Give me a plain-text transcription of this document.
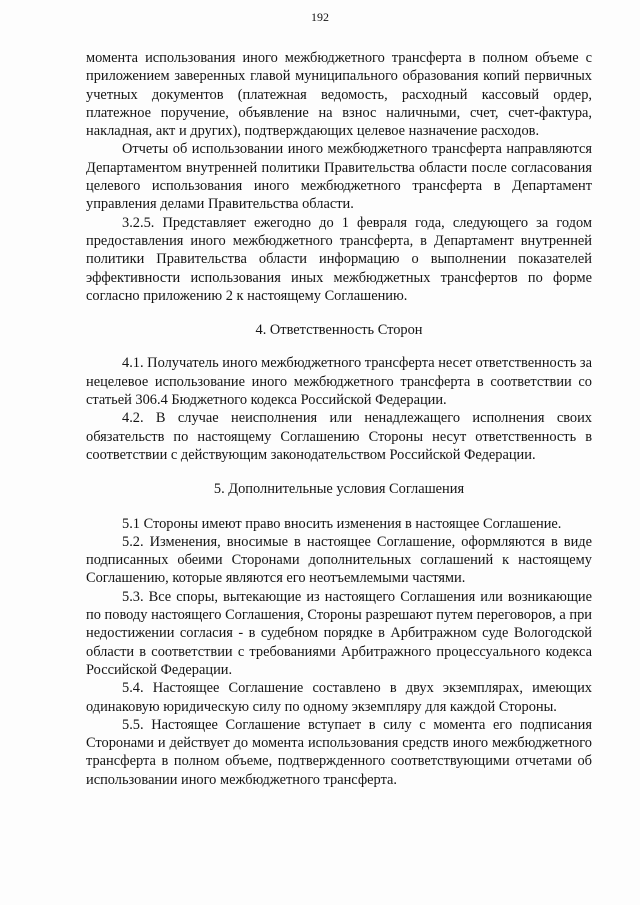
192

момента использования иного межбюджетного трансферта в полном объеме с приложением заверенных главой муниципального образования копий первичных учетных документов (платежная ведомость, расходный кассовый ордер, платежное поручение, объявление на взнос наличными, счет, счет-фактура, накладная, акт и других), подтверждающих целевое назначение расходов.

Отчеты об использовании иного межбюджетного трансферта направляются Департаментом внутренней политики Правительства области после согласования целевого использования иного межбюджетного трансферта в Департамент управления делами Правительства области.

3.2.5. Представляет ежегодно до 1 февраля года, следующего за годом предоставления иного межбюджетного трансферта, в Департамент внутренней политики Правительства области информацию о выполнении показателей эффективности использования иных межбюджетных трансфертов по форме согласно приложению 2 к настоящему Соглашению.

4. Ответственность Сторон

4.1. Получатель иного межбюджетного трансферта несет ответственность за нецелевое использование иного межбюджетного трансферта в соответствии со статьей 306.4 Бюджетного кодекса Российской Федерации.

4.2. В случае неисполнения или ненадлежащего исполнения своих обязательств по настоящему Соглашению Стороны несут ответственность в соответствии с действующим законодательством Российской Федерации.

5. Дополнительные условия Соглашения

5.1 Стороны имеют право вносить изменения в настоящее Соглашение.

5.2. Изменения, вносимые в настоящее Соглашение, оформляются в виде подписанных обеими Сторонами дополнительных соглашений к настоящему Соглашению, которые являются его неотъемлемыми частями.

5.3. Все споры, вытекающие из настоящего Соглашения или возникающие по поводу настоящего Соглашения, Стороны разрешают путем переговоров, а при недостижении согласия - в судебном порядке в Арбитражном суде Вологодской области в соответствии с требованиями Арбитражного процессуального кодекса Российской Федерации.

5.4. Настоящее Соглашение составлено в двух экземплярах, имеющих одинаковую юридическую силу по одному экземпляру для каждой Стороны.

5.5. Настоящее Соглашение вступает в силу с момента его подписания Сторонами и действует до момента использования средств иного межбюджетного трансферта в полном объеме, подтвержденного соответствующими отчетами об использовании иного межбюджетного трансферта.
